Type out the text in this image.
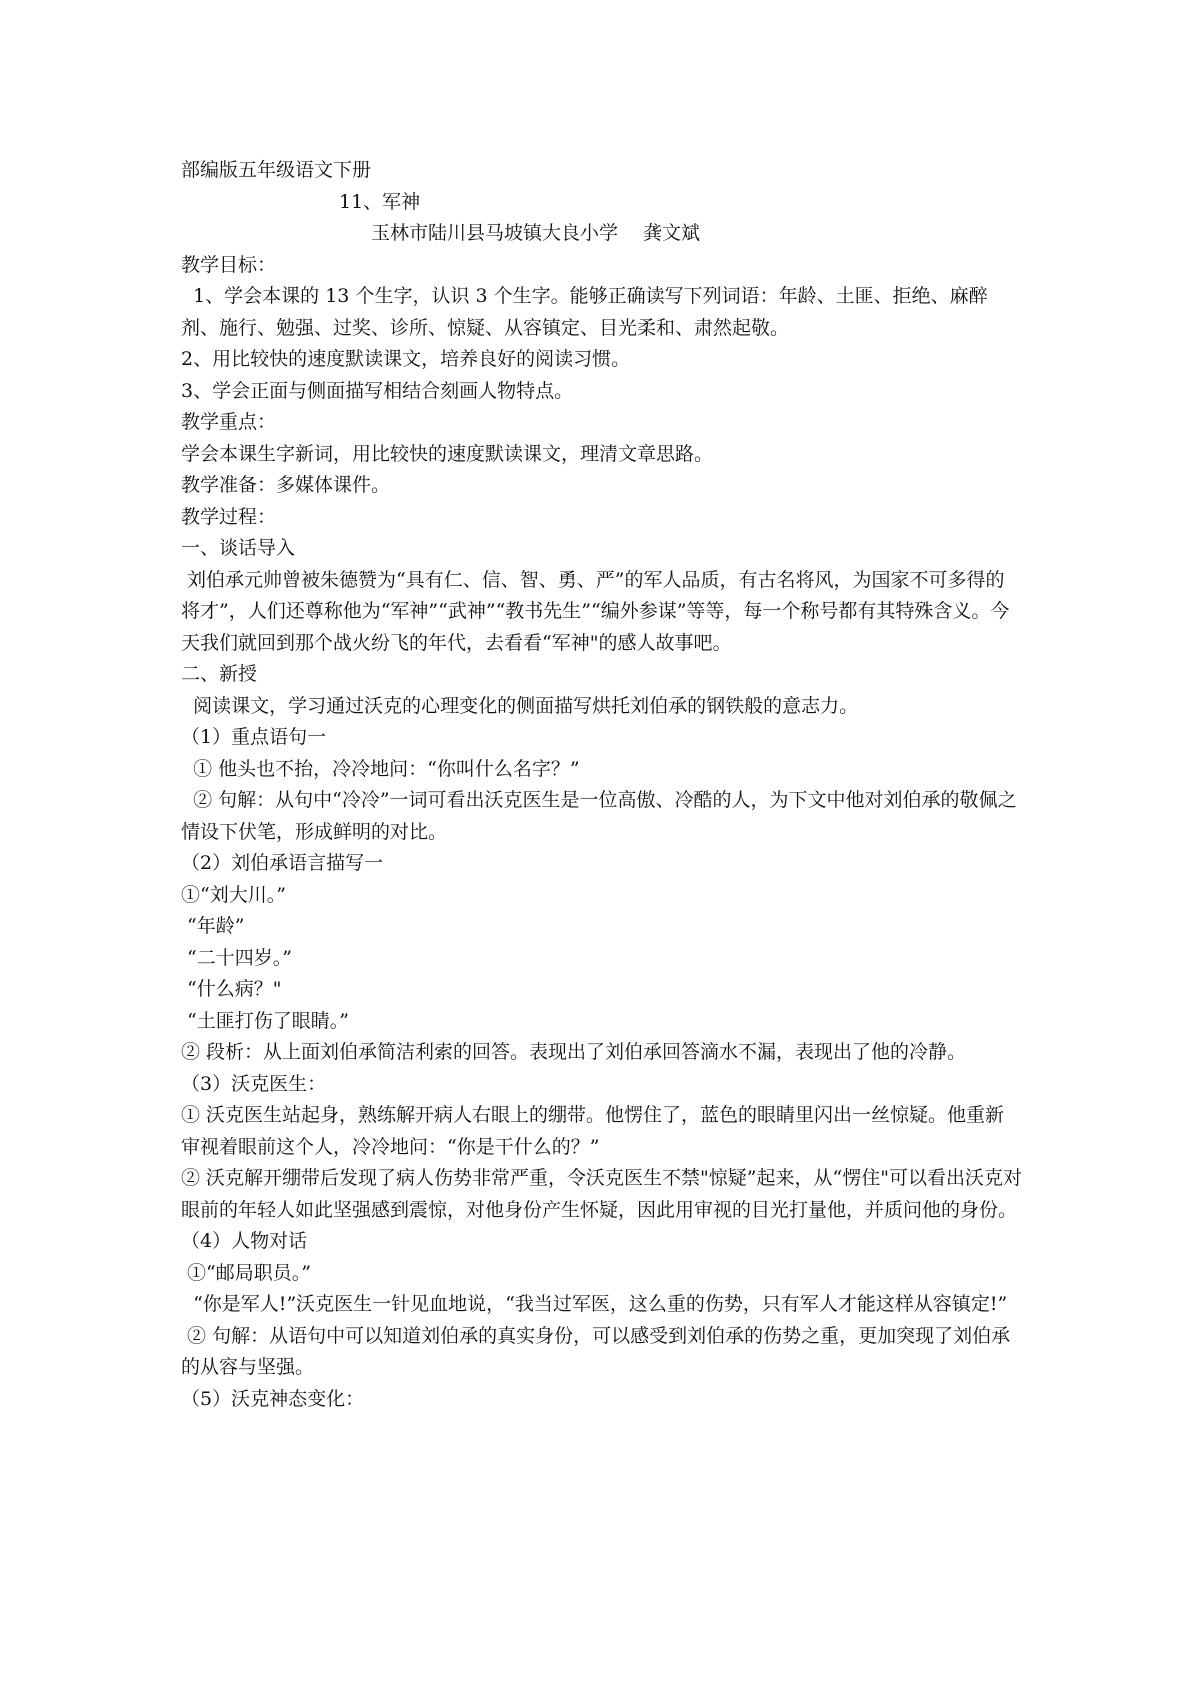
部编版五年级语文下册

11、军神

玉林市陆川县马坡镇大良小学　 龚文斌

教学目标：

1、学会本课的 13 个生字，认识 3 个生字。能够正确读写下列词语：年龄、土匪、拒绝、麻醉剂、施行、勉强、过奖、诊所、惊疑、从容镇定、目光柔和、肃然起敬。

2、用比较快的速度默读课文，培养良好的阅读习惯。

3、学会正面与侧面描写相结合刻画人物特点。

教学重点：

学会本课生字新词，用比较快的速度默读课文，理清文章思路。

教学准备：多媒体课件。

教学过程：

一、谈话导入

刘伯承元帅曾被朱德赞为“具有仁、信、智、勇、严”的军人品质，有古名将风，为国家不可多得的将才”，人们还尊称他为“军神”“武神”“教书先生”“编外参谋”等等，每一个称号都有其特殊含义。今天我们就回到那个战火纷飞的年代，去看看“军神"的感人故事吧。

二、新授

阅读课文，学习通过沃克的心理变化的侧面描写烘托刘伯承的钢铁般的意志力。

（1）重点语句一

① 他头也不抬，冷冷地问：“你叫什么名字？”

② 句解：从句中“冷冷”一词可看出沃克医生是一位高傲、冷酷的人，为下文中他对刘伯承的敬佩之情设下伏笔，形成鲜明的对比。

（2）刘伯承语言描写一

①“刘大川。”

“年龄”

“二十四岁。”

“什么病？"

“土匪打伤了眼睛。”

② 段析：从上面刘伯承简洁利索的回答。表现出了刘伯承回答滴水不漏，表现出了他的冷静。

（3）沃克医生：

① 沃克医生站起身，熟练解开病人右眼上的绷带。他愣住了，蓝色的眼睛里闪出一丝惊疑。他重新审视着眼前这个人，冷冷地问：“你是干什么的？”

② 沃克解开绷带后发现了病人伤势非常严重，令沃克医生不禁"惊疑”起来，从“愣住"可以看出沃克对眼前的年轻人如此坚强感到震惊，对他身份产生怀疑，因此用审视的目光打量他，并质问他的身份。

（4）人物对话

①“邮局职员。”

“你是军人!”沃克医生一针见血地说，“我当过军医，这么重的伤势，只有军人才能这样从容镇定!”

② 句解：从语句中可以知道刘伯承的真实身份，可以感受到刘伯承的伤势之重，更加突现了刘伯承的从容与坚强。

（5）沃克神态变化：
